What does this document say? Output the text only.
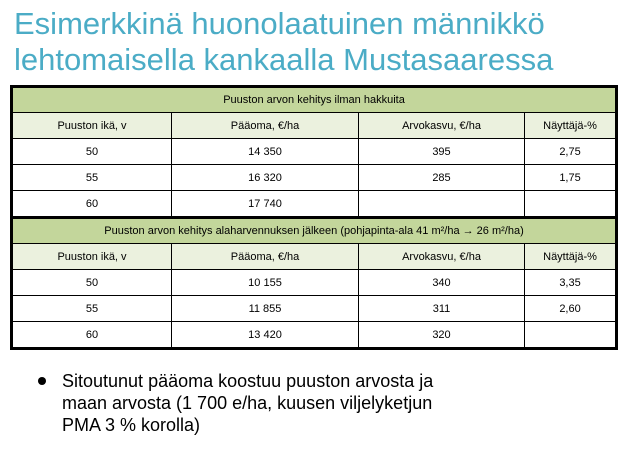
Esimerkkinä huonolaatuinen männikkö
lehtomaisella kankaalla Mustasaaressa
Puuston arvon kehitys ilman hakkuita			
Puuston ikä, v	Pääoma, €/ha	Arvokasvu, €/ha	Näyttäjä-%
50	14 350	395	2,75
55	16 320	285	1,75
60	17 740		
Puuston arvon kehitys alaharvennuksen jälkeen (pohjapinta-ala 41 m²/ha → 26 m²/ha)			
Puuston ikä, v	Pääoma, €/ha	Arvokasvu, €/ha	Näyttäjä-%
50	10 155	340	3,35
55	11 855	311	2,60
60	13 420	320	
Sitoutunut pääoma koostuu puuston arvosta ja
maan arvosta (1 700 e/ha, kuusen viljelyketjun
PMA 3 % korolla)
